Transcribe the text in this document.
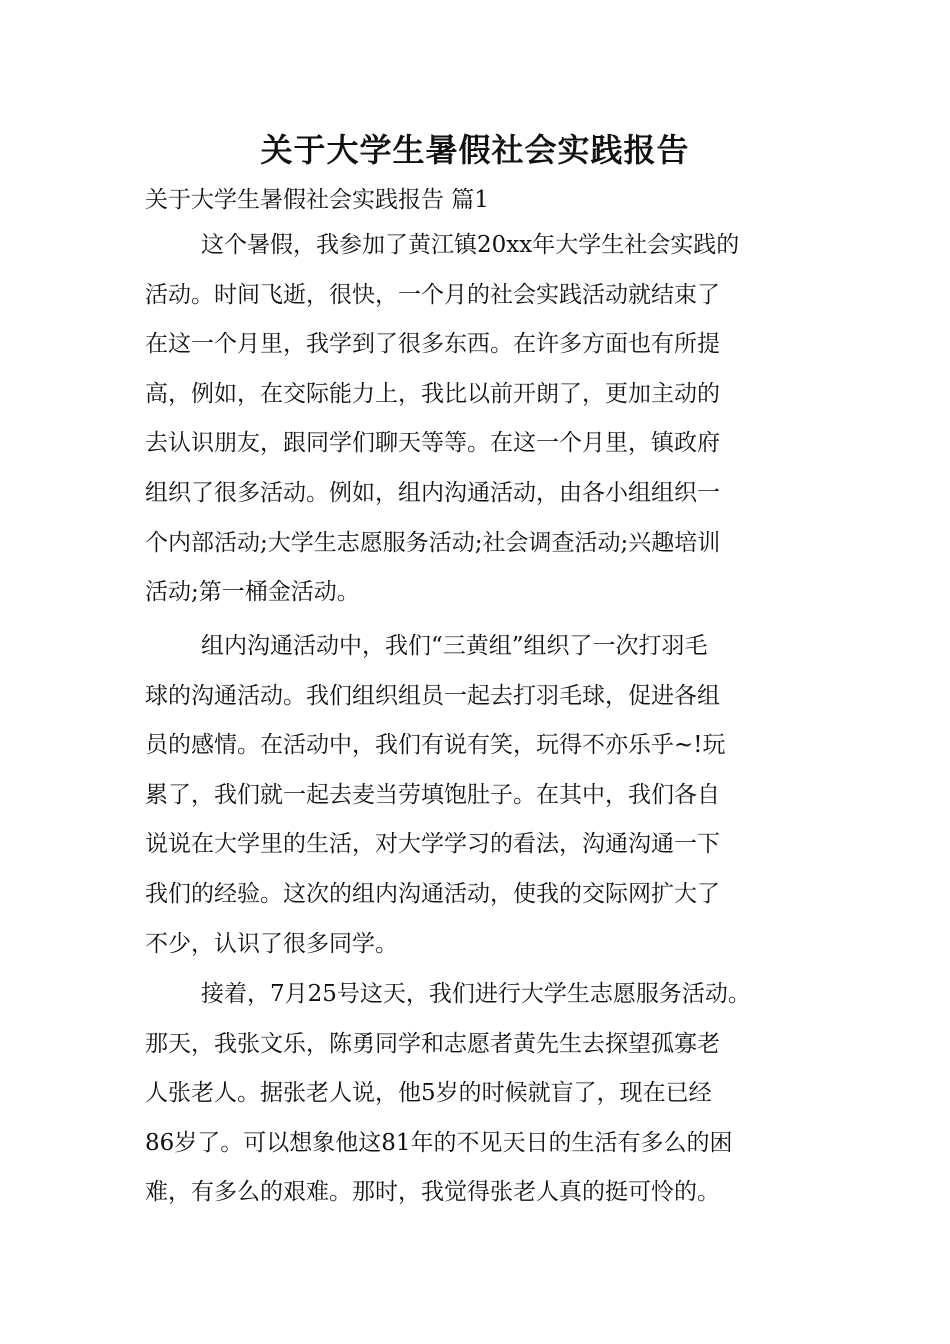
关于大学生暑假社会实践报告
关于大学生暑假社会实践报告 篇1
这个暑假，我参加了黄江镇20xx年大学生社会实践的
活动。时间飞逝，很快，一个月的社会实践活动就结束了
在这一个月里，我学到了很多东西。在许多方面也有所提
高，例如，在交际能力上，我比以前开朗了，更加主动的
去认识朋友，跟同学们聊天等等。在这一个月里，镇政府
组织了很多活动。例如，组内沟通活动，由各小组组织一
个内部活动;大学生志愿服务活动;社会调查活动;兴趣培训
活动;第一桶金活动。
组内沟通活动中，我们“三黄组”组织了一次打羽毛
球的沟通活动。我们组织组员一起去打羽毛球，促进各组
员的感情。在活动中，我们有说有笑，玩得不亦乐乎~!玩
累了，我们就一起去麦当劳填饱肚子。在其中，我们各自
说说在大学里的生活，对大学学习的看法，沟通沟通一下
我们的经验。这次的组内沟通活动，使我的交际网扩大了
不少，认识了很多同学。
接着，7月25号这天，我们进行大学生志愿服务活动。
那天，我张文乐，陈勇同学和志愿者黄先生去探望孤寡老
人张老人。据张老人说，他5岁的时候就盲了，现在已经
86岁了。可以想象他这81年的不见天日的生活有多么的困
难，有多么的艰难。那时，我觉得张老人真的挺可怜的。
